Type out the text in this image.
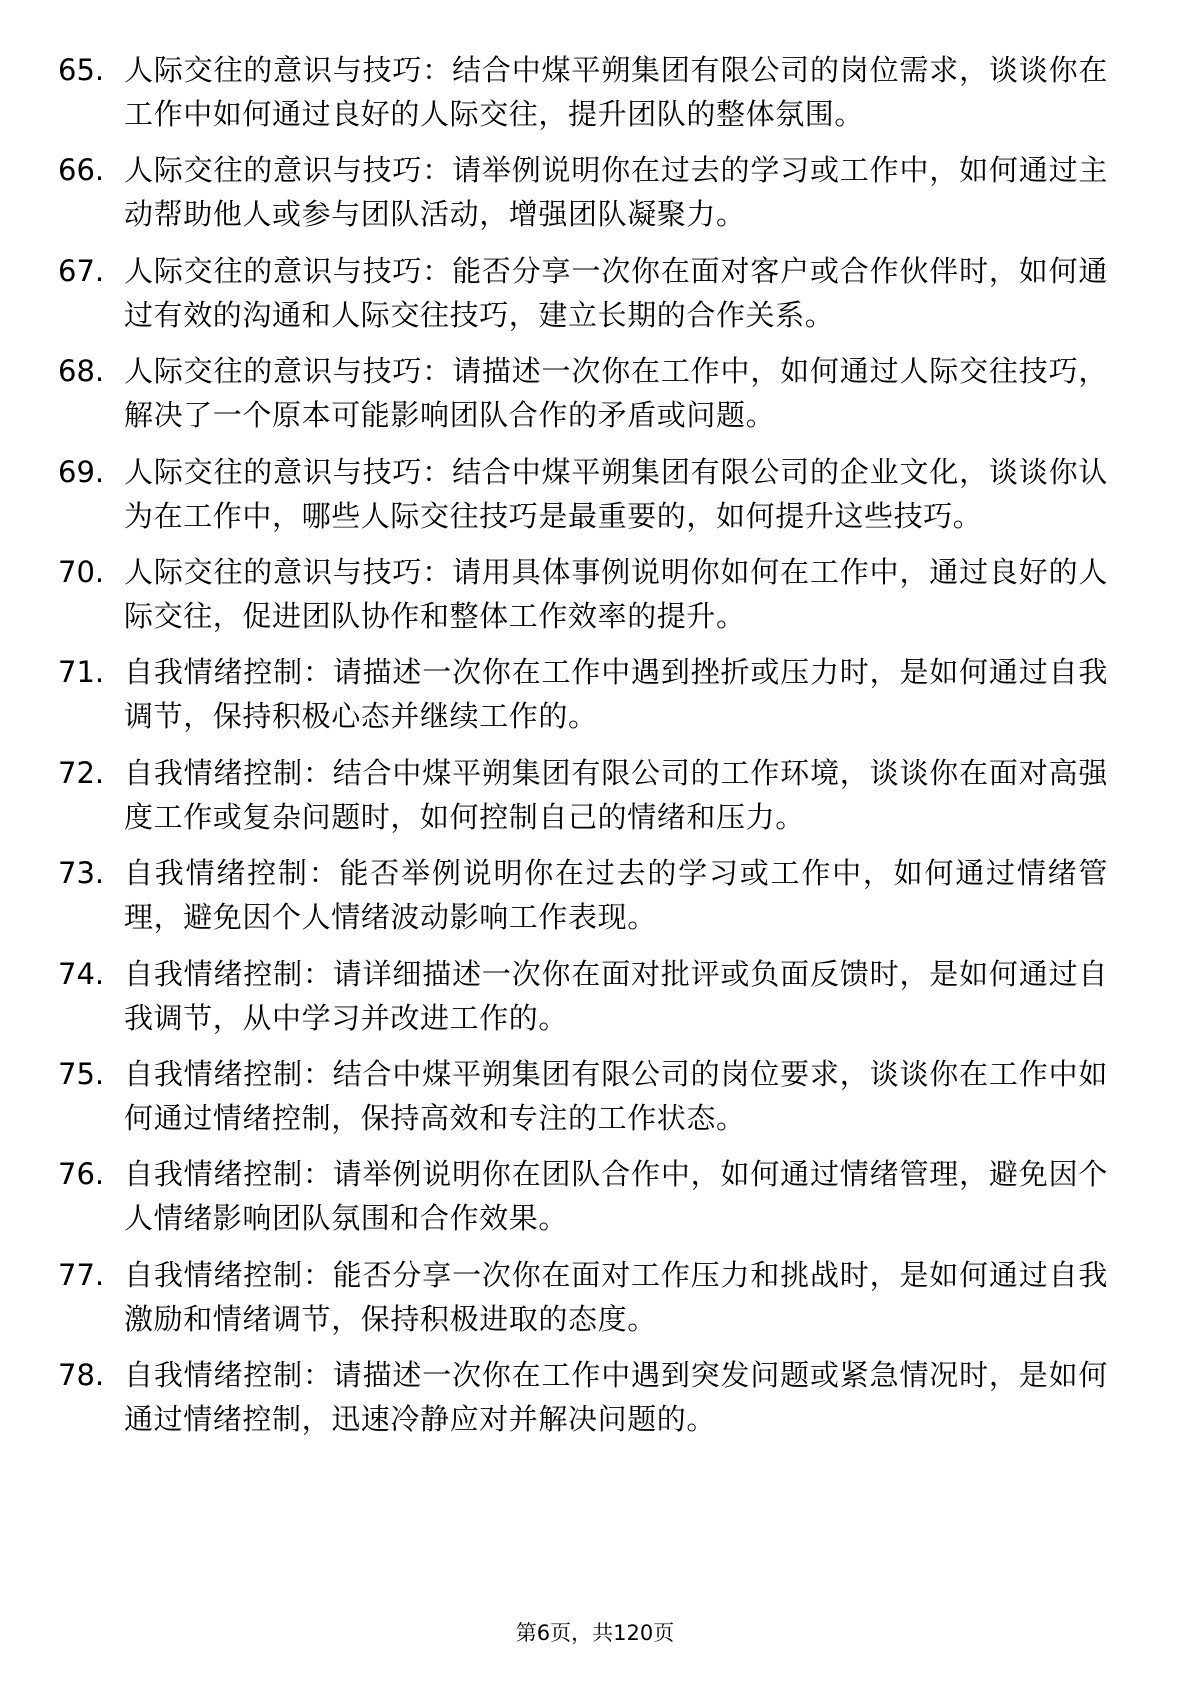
65. 人际交往的意识与技巧：结合中煤平朔集团有限公司的岗位需求，谈谈你在工作中如何通过良好的人际交往，提升团队的整体氛围。
66. 人际交往的意识与技巧：请举例说明你在过去的学习或工作中，如何通过主动帮助他人或参与团队活动，增强团队凝聚力。
67. 人际交往的意识与技巧：能否分享一次你在面对客户或合作伙伴时，如何通过有效的沟通和人际交往技巧，建立长期的合作关系。
68. 人际交往的意识与技巧：请描述一次你在工作中，如何通过人际交往技巧，解决了一个原本可能影响团队合作的矛盾或问题。
69. 人际交往的意识与技巧：结合中煤平朔集团有限公司的企业文化，谈谈你认为在工作中，哪些人际交往技巧是最重要的，如何提升这些技巧。
70. 人际交往的意识与技巧：请用具体事例说明你如何在工作中，通过良好的人际交往，促进团队协作和整体工作效率的提升。
71. 自我情绪控制：请描述一次你在工作中遇到挫折或压力时，是如何通过自我调节，保持积极心态并继续工作的。
72. 自我情绪控制：结合中煤平朔集团有限公司的工作环境，谈谈你在面对高强度工作或复杂问题时，如何控制自己的情绪和压力。
73. 自我情绪控制：能否举例说明你在过去的学习或工作中，如何通过情绪管理，避免因个人情绪波动影响工作表现。
74. 自我情绪控制：请详细描述一次你在面对批评或负面反馈时，是如何通过自我调节，从中学习并改进工作的。
75. 自我情绪控制：结合中煤平朔集团有限公司的岗位要求，谈谈你在工作中如何通过情绪控制，保持高效和专注的工作状态。
76. 自我情绪控制：请举例说明你在团队合作中，如何通过情绪管理，避免因个人情绪影响团队氛围和合作效果。
77. 自我情绪控制：能否分享一次你在面对工作压力和挑战时，是如何通过自我激励和情绪调节，保持积极进取的态度。
78. 自我情绪控制：请描述一次你在工作中遇到突发问题或紧急情况时，是如何通过情绪控制，迅速冷静应对并解决问题的。
第6页，共120页
